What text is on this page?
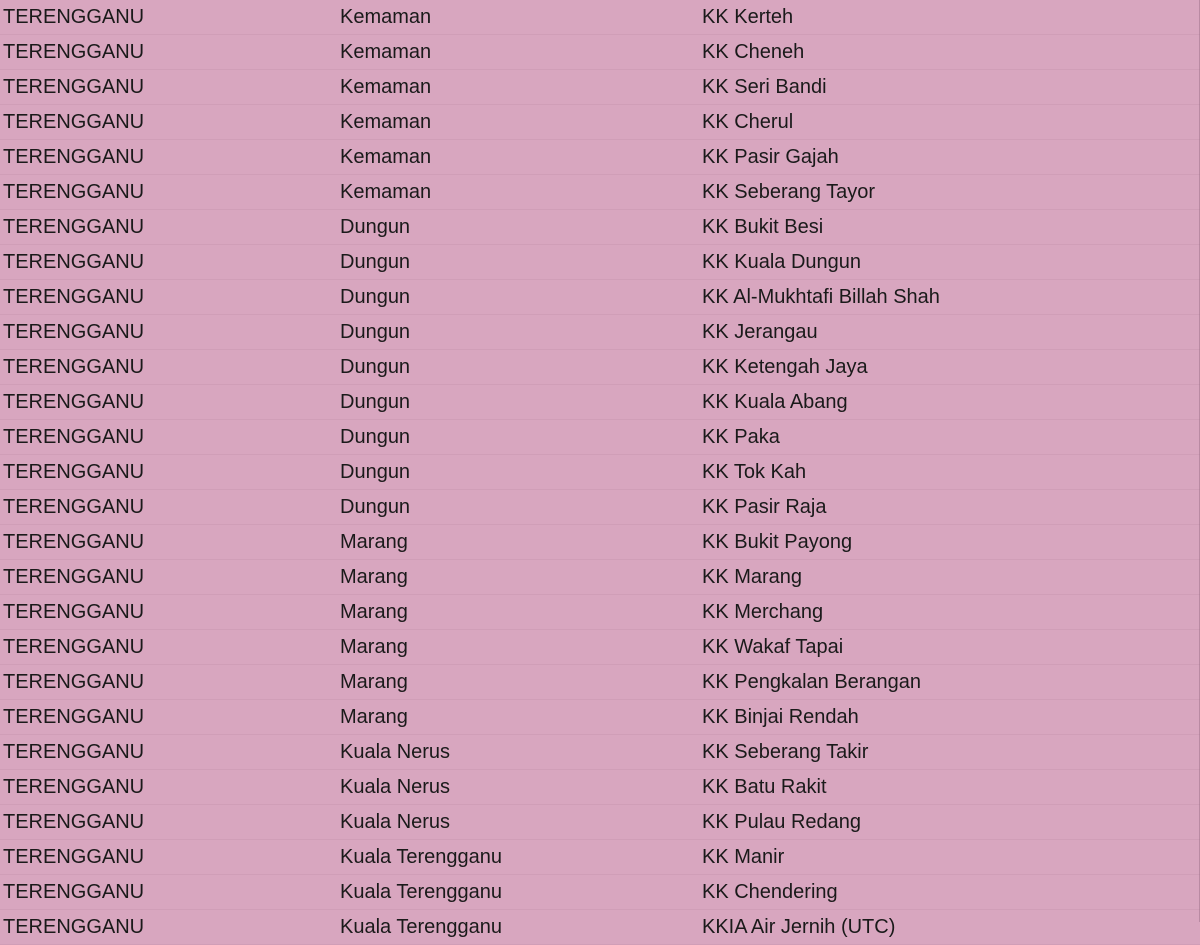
TERENGGANU	Kemaman	KK Kerteh
TERENGGANU	Kemaman	KK Cheneh
TERENGGANU	Kemaman	KK Seri Bandi
TERENGGANU	Kemaman	KK Cherul
TERENGGANU	Kemaman	KK Pasir Gajah
TERENGGANU	Kemaman	KK Seberang Tayor
TERENGGANU	Dungun	KK Bukit Besi
TERENGGANU	Dungun	KK Kuala Dungun
TERENGGANU	Dungun	KK Al-Mukhtafi Billah Shah
TERENGGANU	Dungun	KK Jerangau
TERENGGANU	Dungun	KK Ketengah Jaya
TERENGGANU	Dungun	KK Kuala Abang
TERENGGANU	Dungun	KK Paka
TERENGGANU	Dungun	KK Tok Kah
TERENGGANU	Dungun	KK Pasir Raja
TERENGGANU	Marang	KK Bukit Payong
TERENGGANU	Marang	KK Marang
TERENGGANU	Marang	KK Merchang
TERENGGANU	Marang	KK Wakaf Tapai
TERENGGANU	Marang	KK Pengkalan Berangan
TERENGGANU	Marang	KK Binjai Rendah
TERENGGANU	Kuala Nerus	KK Seberang Takir
TERENGGANU	Kuala Nerus	KK Batu Rakit
TERENGGANU	Kuala Nerus	KK Pulau Redang
TERENGGANU	Kuala Terengganu	KK Manir
TERENGGANU	Kuala Terengganu	KK Chendering
TERENGGANU	Kuala Terengganu	KKIA Air Jernih (UTC)
